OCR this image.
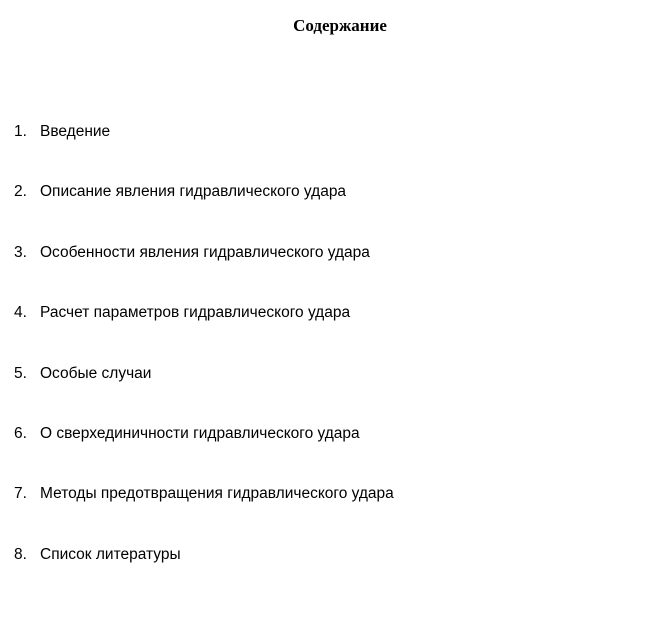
Содержание
1. Введение
2. Описание явления гидравлического удара
3. Особенности явления гидравлического удара
4. Расчет параметров гидравлического удара
5. Особые случаи
6. О сверхединичности гидравлического удара
7. Методы предотвращения гидравлического удара
8. Список литературы
